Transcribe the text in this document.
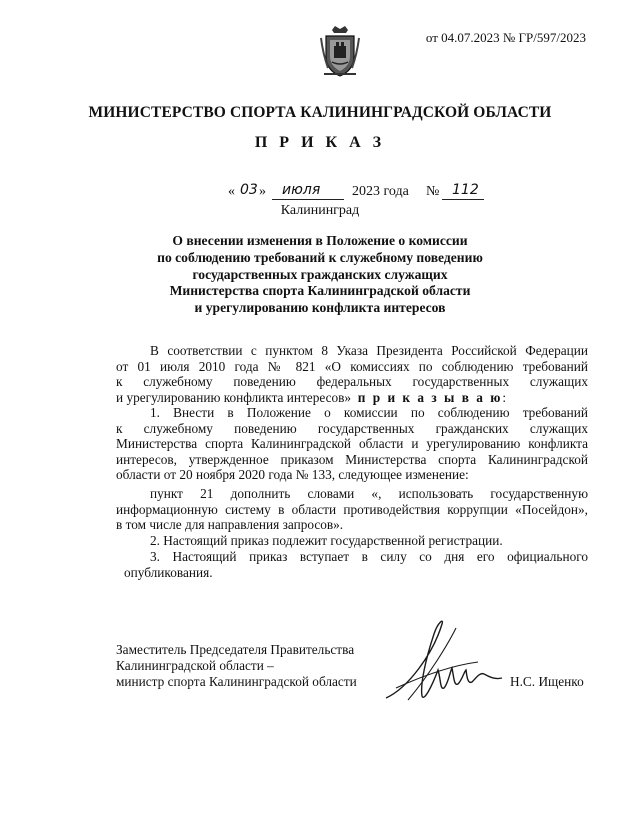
от 04.07.2023 № ГР/597/2023
МИНИСТЕРСТВО СПОРТА КАЛИНИНГРАДСКОЙ ОБЛАСТИ
П Р И К А З
« 03 » июля 2023 года № 112
Калининград
О внесении изменения в Положение о комиссии
по соблюдению требований к служебному поведению
государственных гражданских служащих
Министерства спорта Калининградской области
и урегулированию конфликта интересов
В соответствии с пунктом 8 Указа Президента Российской Федерации
от 01 июля 2010 года № 821 «О комиссиях по соблюдению требований
к служебному поведению федеральных государственных служащих
и урегулированию конфликта интересов» п р и к а з ы в а ю:
1. Внести в Положение о комиссии по соблюдению требований
к служебному поведению государственных гражданских служащих
Министерства спорта Калининградской области и урегулированию конфликта
интересов, утвержденное приказом Министерства спорта Калининградской
области от 20 ноября 2020 года № 133, следующее изменение:
пункт 21 дополнить словами «, использовать государственную
информационную систему в области противодействия коррупции «Посейдон»,
в том числе для направления запросов».
2. Настоящий приказ подлежит государственной регистрации.
3. Настоящий приказ вступает в силу со дня его официального
опубликования.
Заместитель Председателя Правительства
Калининградской области –
министр спорта Калининградской области	Н.С. Ищенко
